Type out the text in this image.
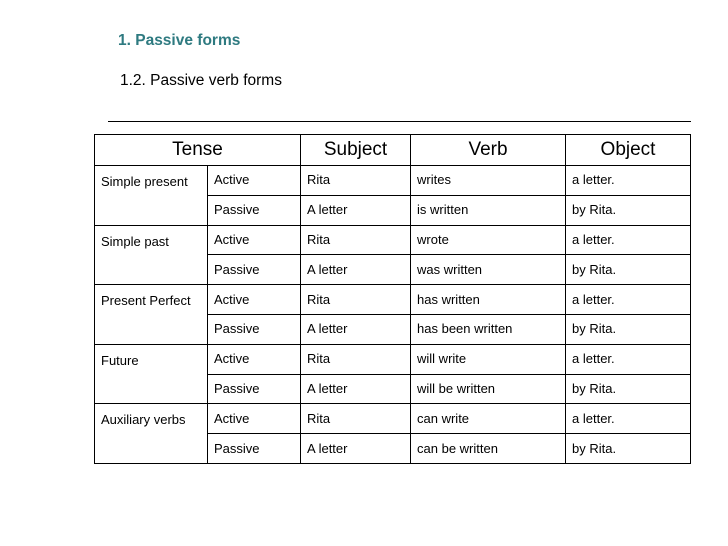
1. Passive forms
1.2. Passive verb forms
Tense		Subject	Verb	Object
Simple present	Active	Rita	writes	a letter.
	Passive	A letter	is written	by Rita.
Simple past	Active	Rita	wrote	a letter.
	Passive	A letter	was written	by Rita.
Present Perfect	Active	Rita	has written	a letter.
	Passive	A letter	has been written	by Rita.
Future	Active	Rita	will write	a letter.
	Passive	A letter	will be written	by Rita.
Auxiliary verbs	Active	Rita	can write	a letter.
	Passive	A letter	can be written	by Rita.
